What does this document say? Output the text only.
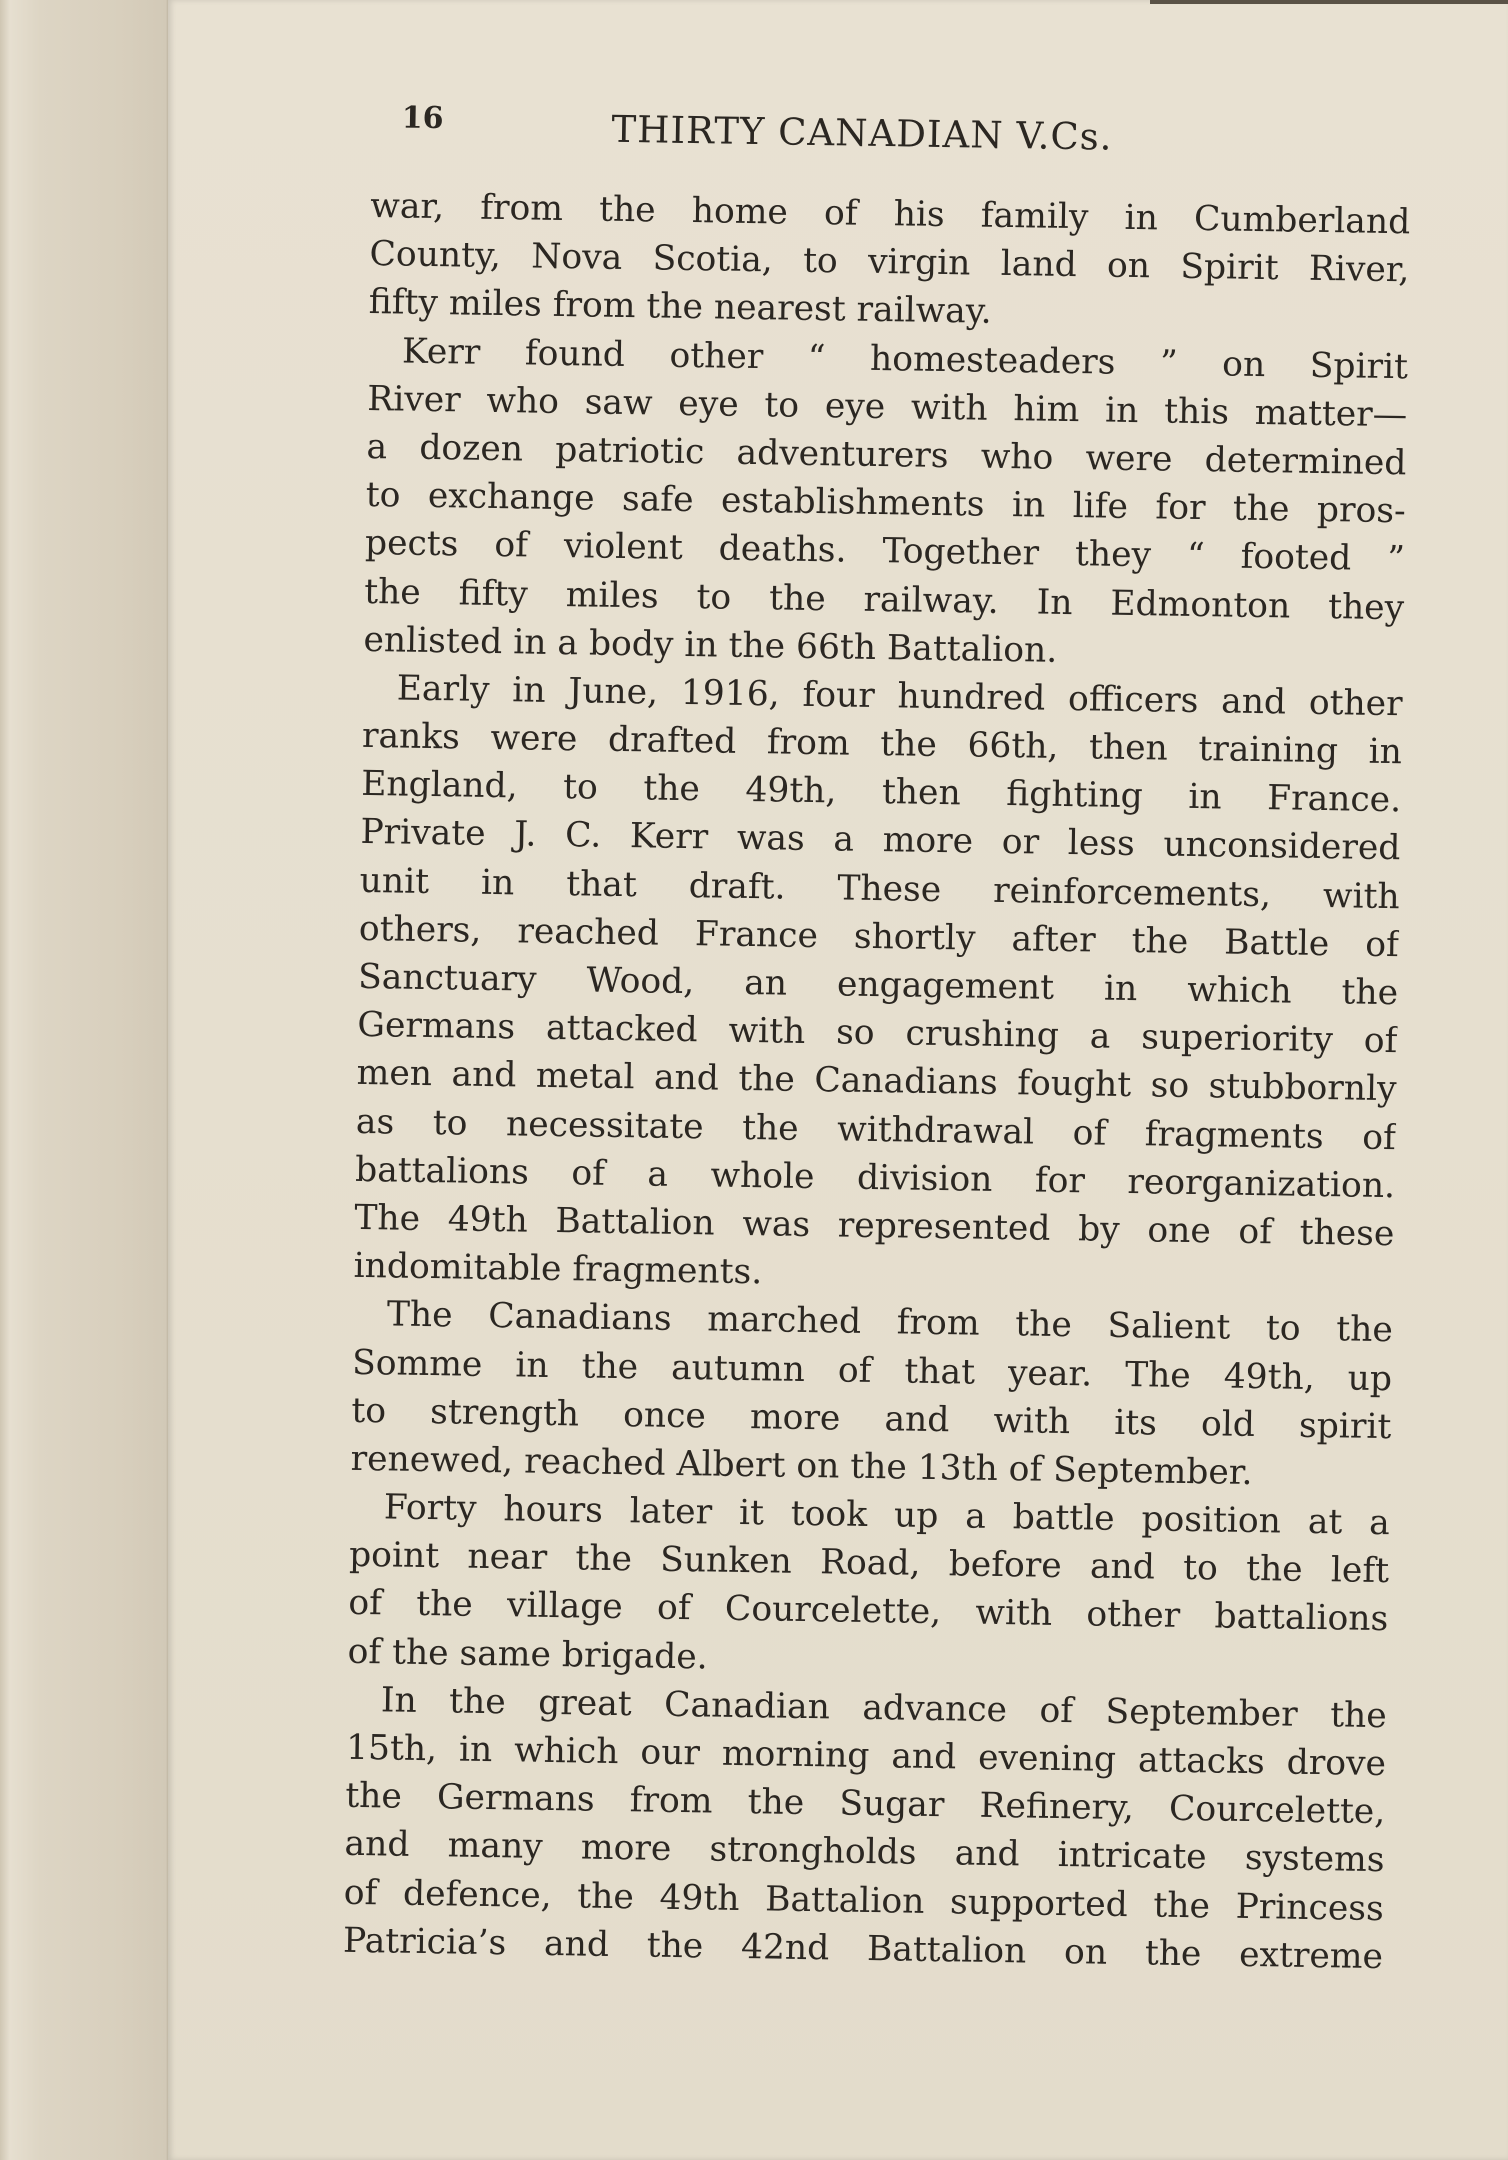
16	THIRTY CANADIAN V.Cs.
war, from the home of his family in Cumberland
County, Nova Scotia, to virgin land on Spirit River,
fifty miles from the nearest railway.
Kerr found other “ homesteaders ” on Spirit
River who saw eye to eye with him in this matter—
a dozen patriotic adventurers who were determined
to exchange safe establishments in life for the pros-
pects of violent deaths. Together they “ footed ”
the fifty miles to the railway. In Edmonton they
enlisted in a body in the 66th Battalion.
Early in June, 1916, four hundred officers and other
ranks were drafted from the 66th, then training in
England, to the 49th, then fighting in France.
Private J. C. Kerr was a more or less unconsidered
unit in that draft. These reinforcements, with
others, reached France shortly after the Battle of
Sanctuary Wood, an engagement in which the
Germans attacked with so crushing a superiority of
men and metal and the Canadians fought so stubbornly
as to necessitate the withdrawal of fragments of
battalions of a whole division for reorganization.
The 49th Battalion was represented by one of these
indomitable fragments.
The Canadians marched from the Salient to the
Somme in the autumn of that year. The 49th, up
to strength once more and with its old spirit
renewed, reached Albert on the 13th of September.
Forty hours later it took up a battle position at a
point near the Sunken Road, before and to the left
of the village of Courcelette, with other battalions
of the same brigade.
In the great Canadian advance of September the
15th, in which our morning and evening attacks drove
the Germans from the Sugar Refinery, Courcelette,
and many more strongholds and intricate systems
of defence, the 49th Battalion supported the Princess
Patricia’s and the 42nd Battalion on the extreme
